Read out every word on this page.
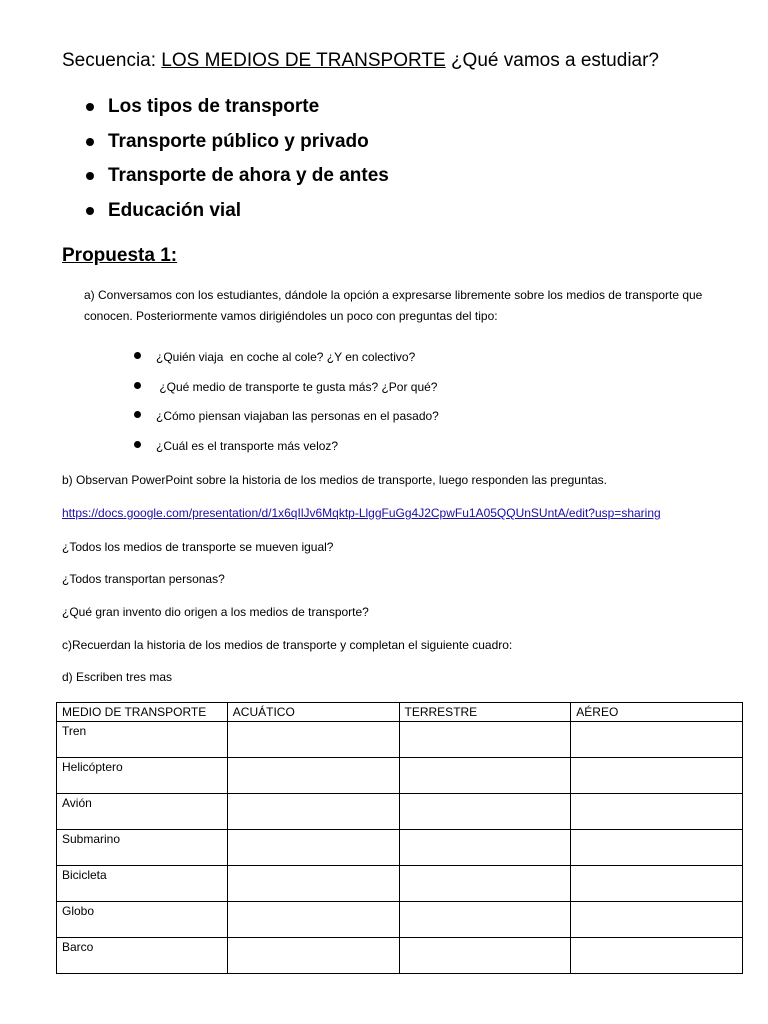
Secuencia: LOS MEDIOS DE TRANSPORTE ¿Qué vamos a estudiar?
Los tipos de transporte
Transporte público y privado
Transporte de ahora y de antes
Educación vial
Propuesta 1:
a) Conversamos con los estudiantes, dándole la opción a expresarse libremente sobre los medios de transporte que conocen. Posteriormente vamos dirigiéndoles un poco con preguntas del tipo:
¿Quién viaja  en coche al cole? ¿Y en colectivo?
¿Qué medio de transporte te gusta más? ¿Por qué?
¿Cómo piensan viajaban las personas en el pasado?
¿Cuál es el transporte más veloz?
b) Observan PowerPoint sobre la historia de los medios de transporte, luego responden las preguntas.
https://docs.google.com/presentation/d/1x6qIlJv6Mqktp-LlggFuGg4J2CpwFu1A05QQUnSUntA/edit?usp=sharing
¿Todos los medios de transporte se mueven igual?
¿Todos transportan personas?
¿Qué gran invento dio origen a los medios de transporte?
c)Recuerdan la historia de los medios de transporte y completan el siguiente cuadro:
d) Escriben tres mas
MEDIO DE TRANSPORTE	ACUÁTICO	TERRESTRE	AÉREO
Tren			
Helicóptero			
Avión			
Submarino			
Bicicleta			
Globo			
Barco			
